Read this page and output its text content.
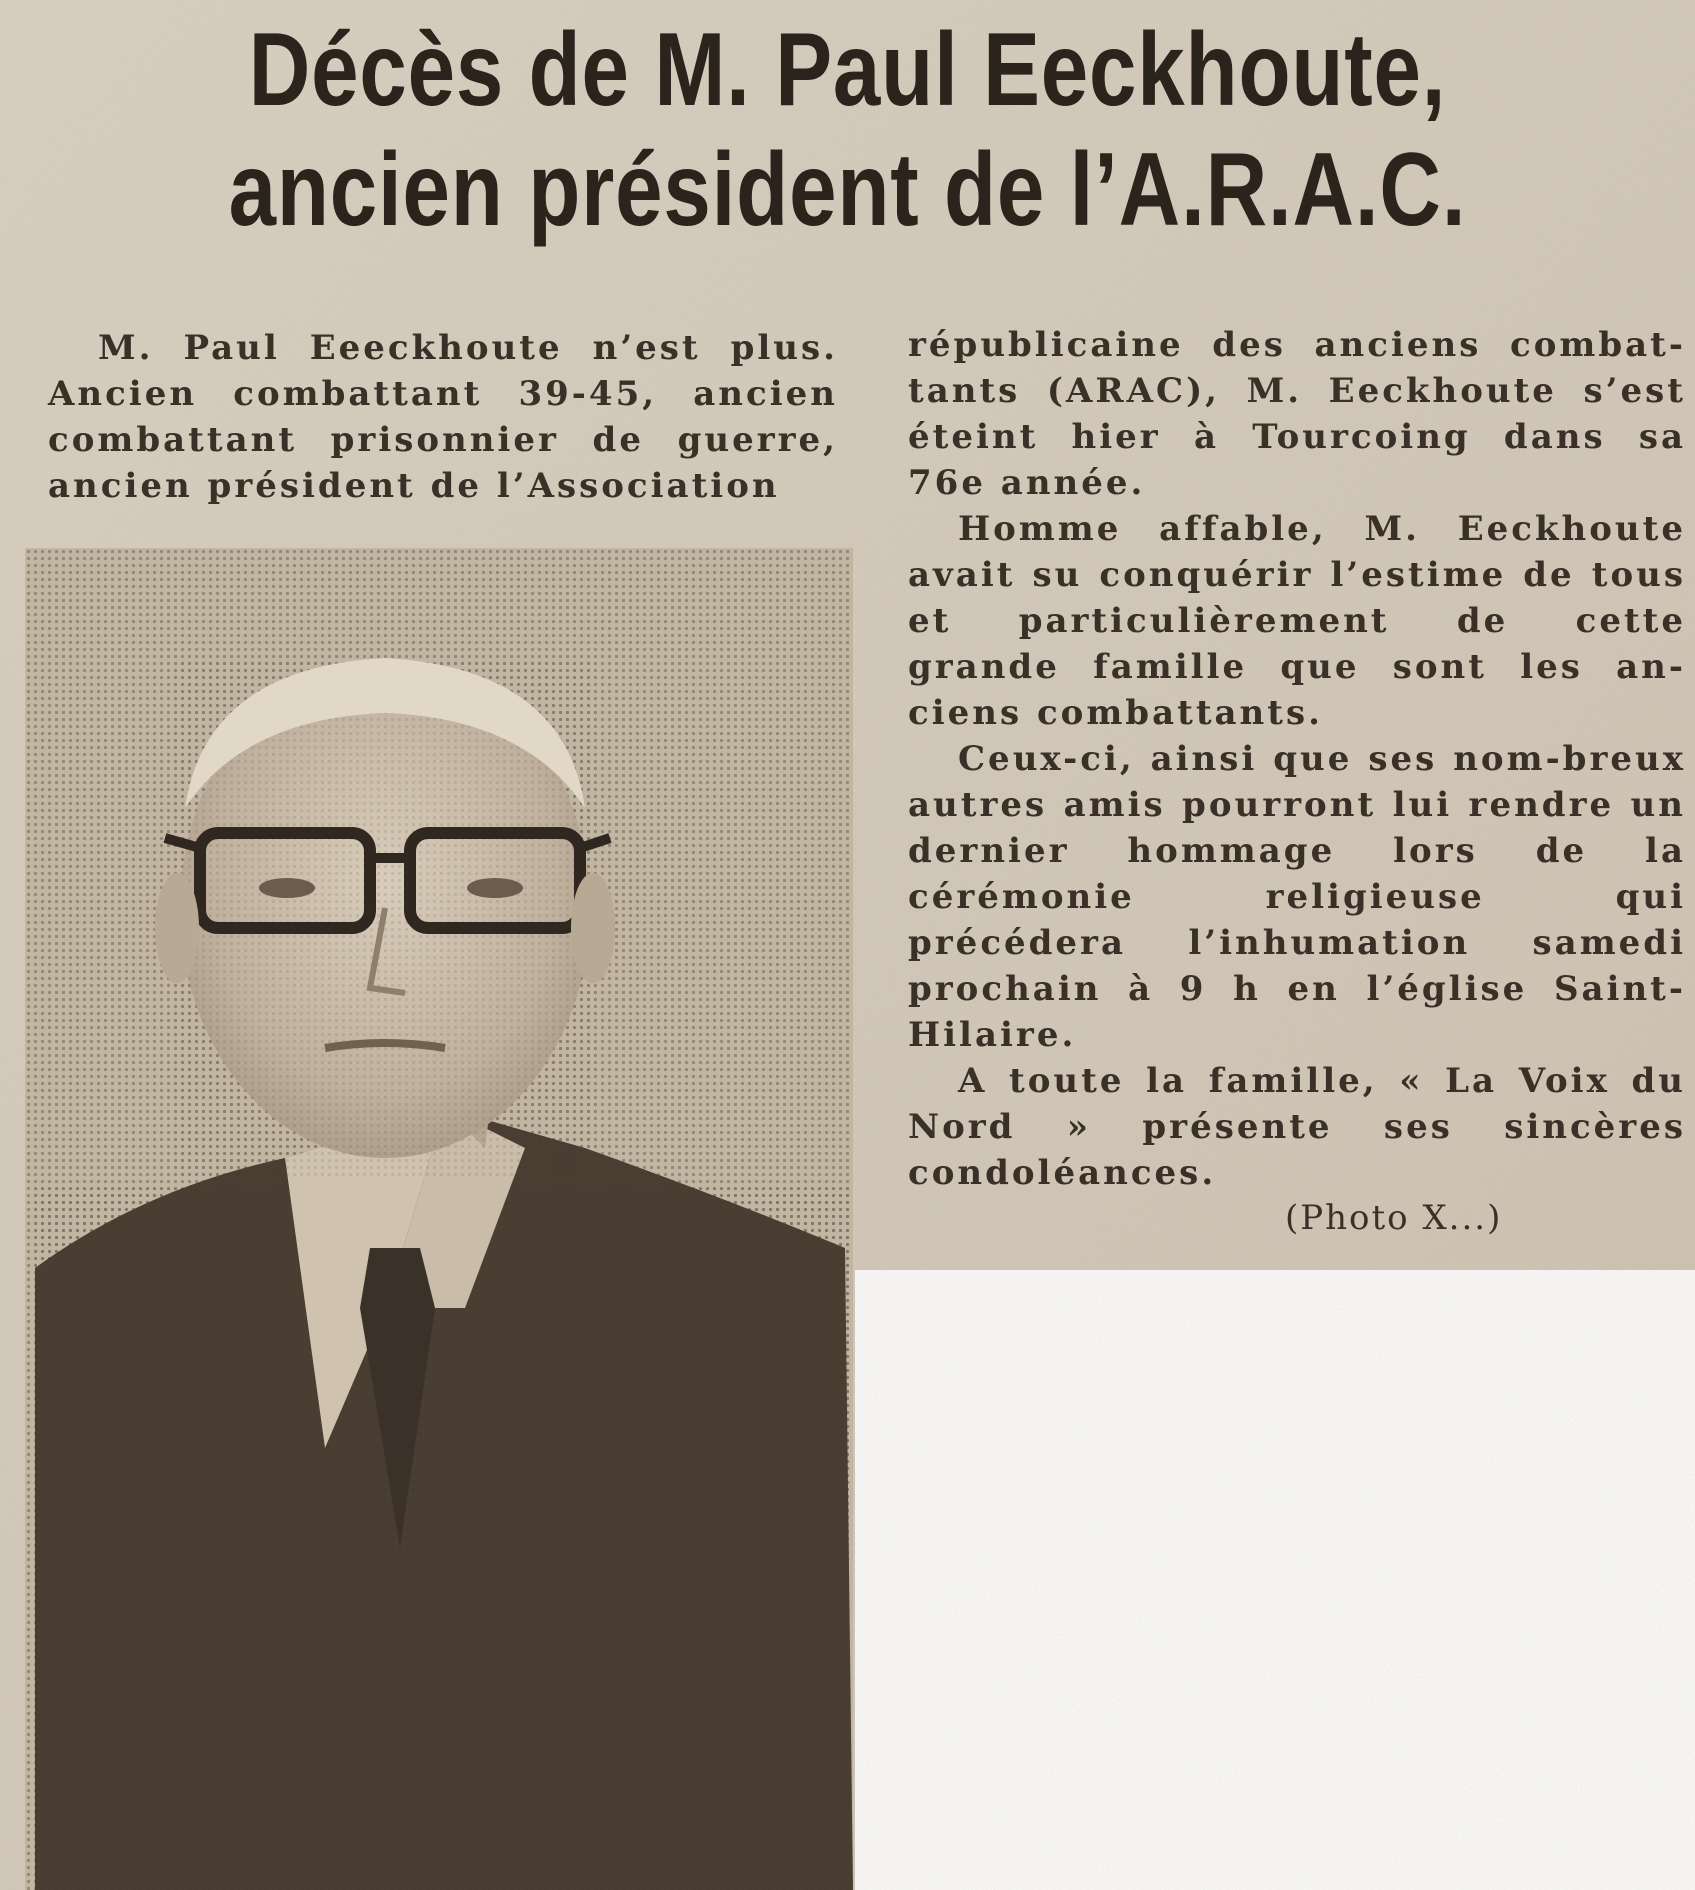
Décès de M. Paul Eeckhoute,
ancien président de l’A.R.A.C.

M. Paul Eeeckhoute n’est plus. Ancien combattant 39-45, ancien combattant prisonnier de guerre, ancien président de l’Association

républicaine des anciens combat-tants (ARAC), M. Eeckhoute s’est éteint hier à Tourcoing dans sa 76e année.

Homme affable, M. Eeckhoute avait su conquérir l’estime de tous et particulièrement de cette grande famille que sont les an-ciens combattants.

Ceux-ci, ainsi que ses nom-breux autres amis pourront lui rendre un dernier hommage lors de la cérémonie religieuse qui précédera l’inhumation samedi prochain à 9 h en l’église Saint-Hilaire.

A toute la famille, « La Voix du Nord » présente ses sincères condoléances.

(Photo X...)
